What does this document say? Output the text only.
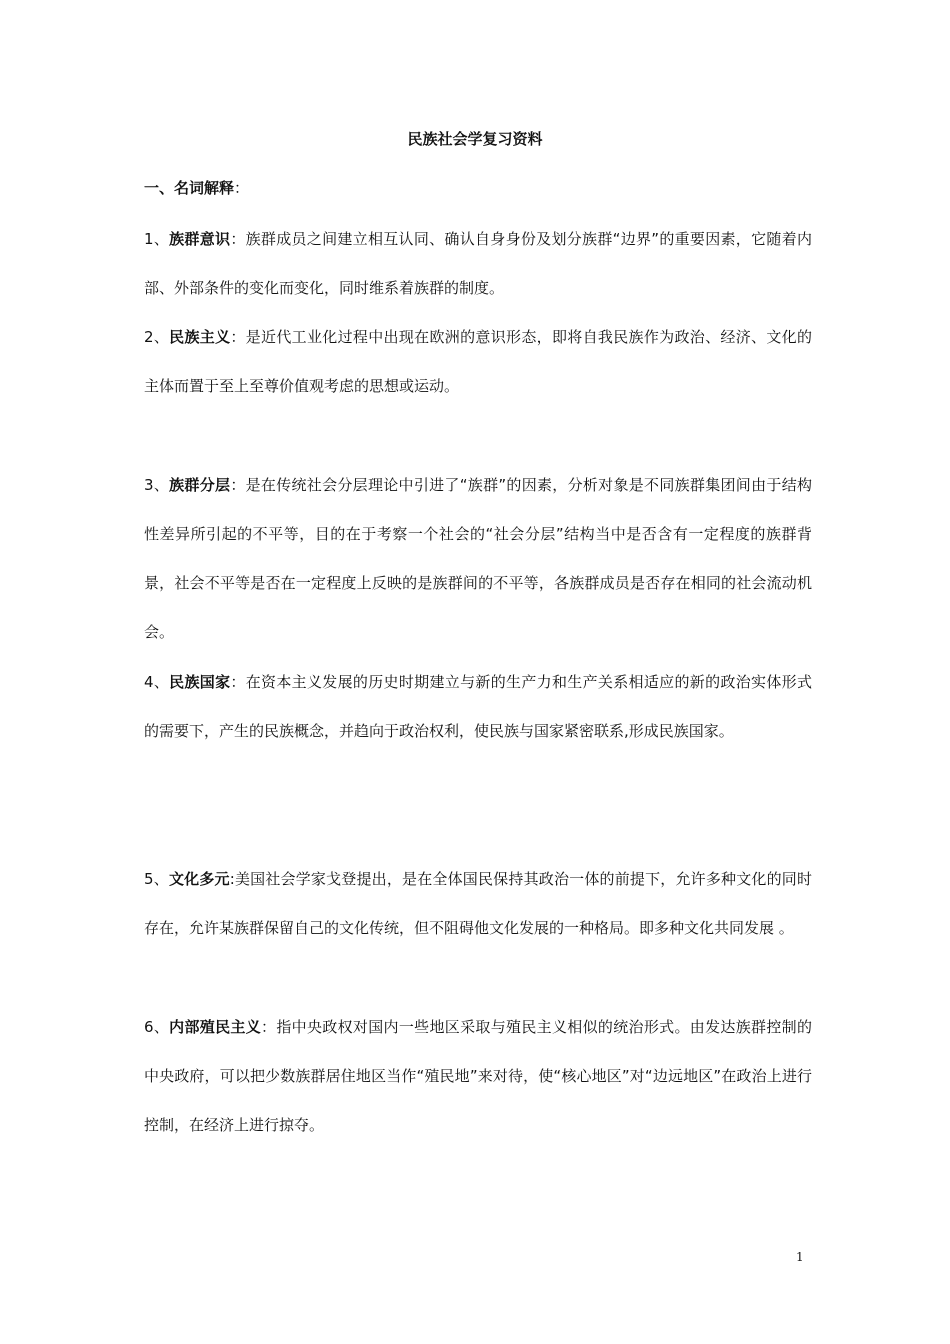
民族社会学复习资料
一、名词解释：
1、族群意识：族群成员之间建立相互认同、确认自身身份及划分族群“边界”的重要因素，它随着内部、外部条件的变化而变化，同时维系着族群的制度。
2、民族主义：是近代工业化过程中出现在欧洲的意识形态，即将自我民族作为政治、经济、文化的主体而置于至上至尊价值观考虑的思想或运动。
3、族群分层：是在传统社会分层理论中引进了“族群”的因素，分析对象是不同族群集团间由于结构性差异所引起的不平等，目的在于考察一个社会的“社会分层”结构当中是否含有一定程度的族群背景，社会不平等是否在一定程度上反映的是族群间的不平等，各族群成员是否存在相同的社会流动机会。
4、民族国家：在资本主义发展的历史时期建立与新的生产力和生产关系相适应的新的政治实体形式的需要下，产生的民族概念，并趋向于政治权利，使民族与国家紧密联系,形成民族国家。
5、文化多元:美国社会学家戈登提出，是在全体国民保持其政治一体的前提下，允许多种文化的同时存在，允许某族群保留自己的文化传统，但不阻碍他文化发展的一种格局。即多种文化共同发展 。
6、内部殖民主义：指中央政权对国内一些地区采取与殖民主义相似的统治形式。由发达族群控制的中央政府，可以把少数族群居住地区当作“殖民地”来对待，使“核心地区”对“边远地区”在政治上进行控制，在经济上进行掠夺。
1
